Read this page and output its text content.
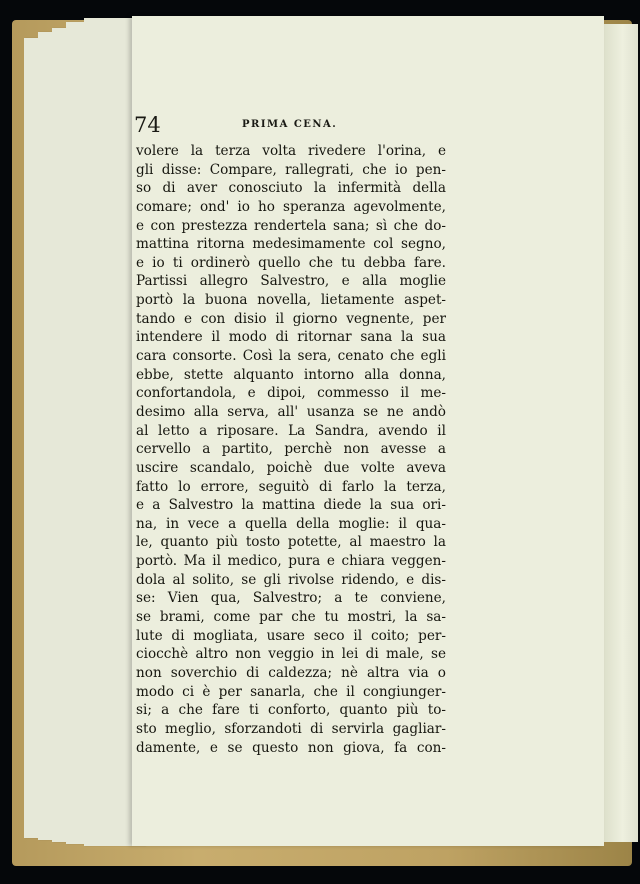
74	PRIMA CENA.
volere la terza volta rivedere l'orina, e
gli disse: Compare, rallegrati, che io pen-
so di aver conosciuto la infermità della
comare; ond' io ho speranza agevolmente,
e con prestezza rendertela sana; sì che do-
mattina ritorna medesimamente col segno,
e io ti ordinerò quello che tu debba fare.
Partissi allegro Salvestro, e alla moglie
portò la buona novella, lietamente aspet-
tando e con disio il giorno vegnente, per
intendere il modo di ritornar sana la sua
cara consorte. Così la sera, cenato che egli
ebbe, stette alquanto intorno alla donna,
confortandola, e dipoi, commesso il me-
desimo alla serva, all' usanza se ne andò
al letto a riposare. La Sandra, avendo il
cervello a partito, perchè non avesse a
uscire scandalo, poichè due volte aveva
fatto lo errore, seguitò di farlo la terza,
e a Salvestro la mattina diede la sua ori-
na, in vece a quella della moglie: il qua-
le, quanto più tosto potette, al maestro la
portò. Ma il medico, pura e chiara veggen-
dola al solito, se gli rivolse ridendo, e dis-
se: Vien qua, Salvestro; a te conviene,
se brami, come par che tu mostri, la sa-
lute di mogliata, usare seco il coito; per-
ciocchè altro non veggio in lei di male, se
non soverchio di caldezza; nè altra via o
modo ci è per sanarla, che il congiunger-
si; a che fare ti conforto, quanto più to-
sto meglio, sforzandoti di servirla gagliar-
damente, e se questo non giova, fa con-
